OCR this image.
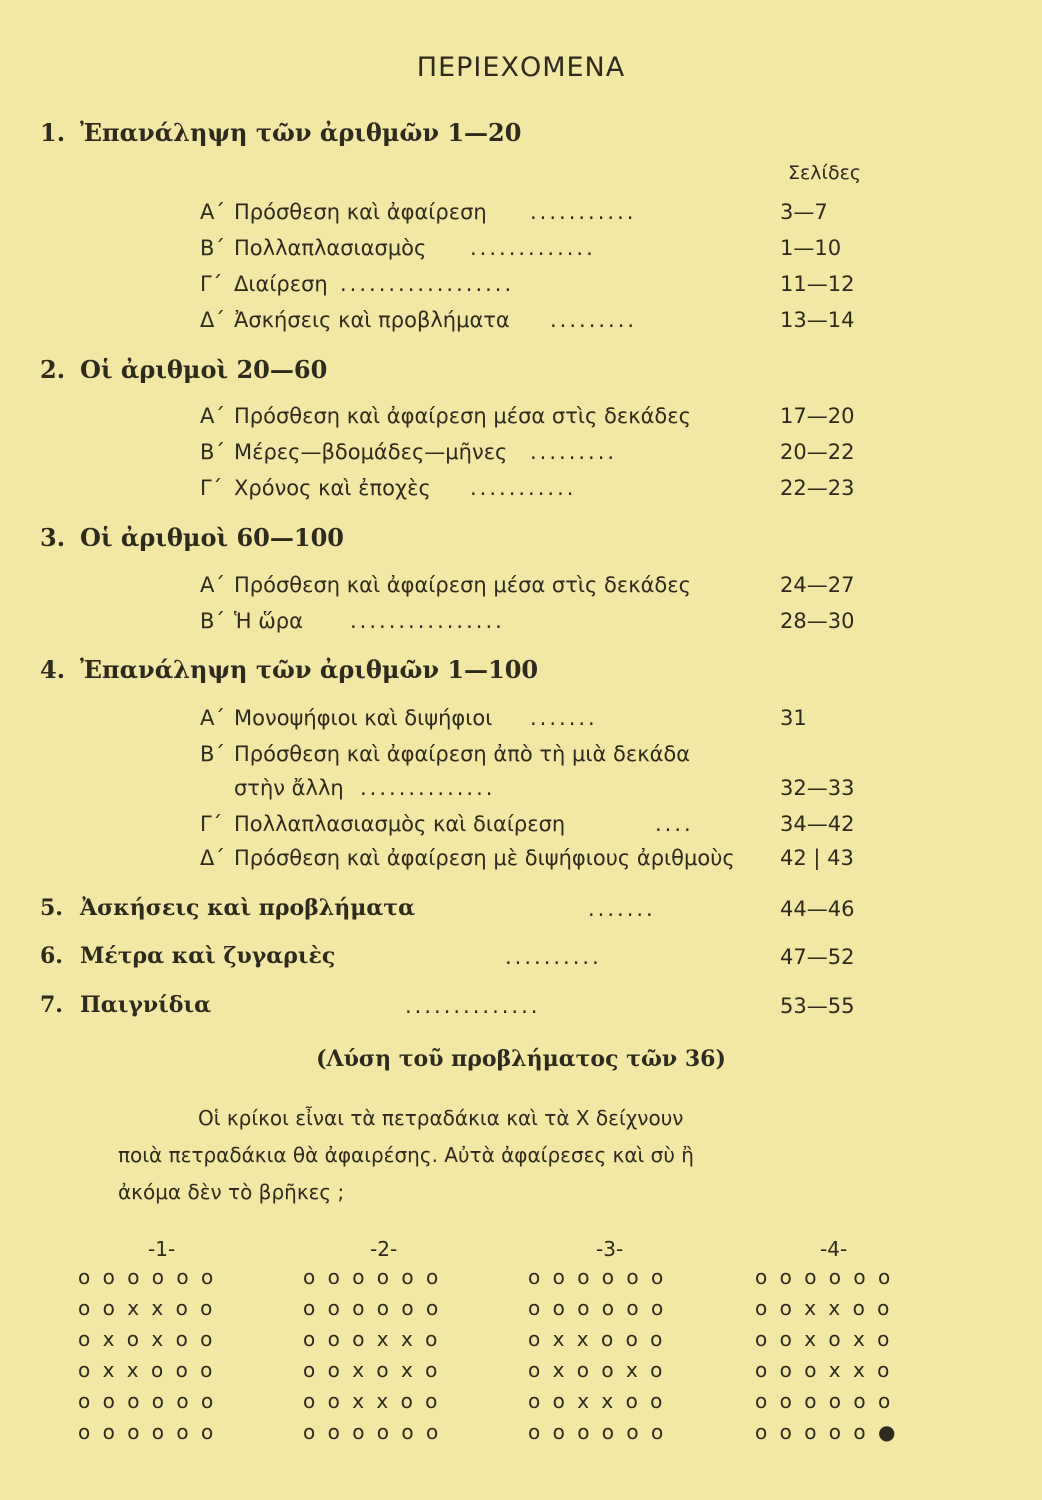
ΠΕΡΙΕΧΟΜΕΝΑ
1. Ἐπανάληψη τῶν ἀριθμῶν 1—20
Σελίδες
Α΄ Πρόσθεση καὶ ἀφαίρεση ...........	3—7
Β΄ Πολλαπλασιασμὸς .............	1—10
Γ΄ Διαίρεση ..................	11—12
Δ΄ Ἀσκήσεις καὶ προβλήματα .........	13—14
2. Οἱ ἀριθμοὶ 20—60
Α΄ Πρόσθεση καὶ ἀφαίρεση μέσα στὶς δεκάδες	17—20
Β΄ Μέρες—βδομάδες—μῆνες .........	20—22
Γ΄ Χρόνος καὶ ἐποχὲς ...........	22—23
3. Οἱ ἀριθμοὶ 60—100
Α΄ Πρόσθεση καὶ ἀφαίρεση μέσα στὶς δεκάδες	24—27
Β΄ Ἡ ὥρα ................	28—30
4. Ἐπανάληψη τῶν ἀριθμῶν 1—100
Α΄ Μονοψήφιοι καὶ διψήφιοι .......	31
Β΄ Πρόσθεση καὶ ἀφαίρεση ἀπὸ τὴ μιὰ δεκάδα
στὴν ἄλλη ..............	32—33
Γ΄ Πολλαπλασιασμὸς καὶ διαίρεση	....	34—42
Δ΄ Πρόσθεση καὶ ἀφαίρεση μὲ διψήφιους ἀριθμοὺς 42 | 43
5. Ἀσκήσεις καὶ προβλήματα	.......	44—46
6. Μέτρα καὶ ζυγαριὲς	..........	47—52
7. Παιγνίδια	..............	53—55
(Λύση τοῦ προβλήματος τῶν 36)
Οἱ κρίκοι εἶναι τὰ πετραδάκια καὶ τὰ Χ δείχνουν
ποιὰ πετραδάκια θὰ ἀφαιρέσης. Αὐτὰ ἀφαίρεσες καὶ σὺ ἢ
ἀκόμα δὲν τὸ βρῆκες ;
-1-	-2-	-3-	-4-
o o o o o o
o o x x o o
o x o x o o
o x x o o o
o o o o o o
o o o o o o
o o o o o o
o o o o o o
o o o x x o
o o x o x o
o o x x o o
o o o o o o
o o o o o o
o o o o o o
o x x o o o
o x o o x o
o o x x o o
o o o o o o
o o o o o o
o o x x o o
o o x o x o
o o o x x o
o o o o o o
o o o o o ●
